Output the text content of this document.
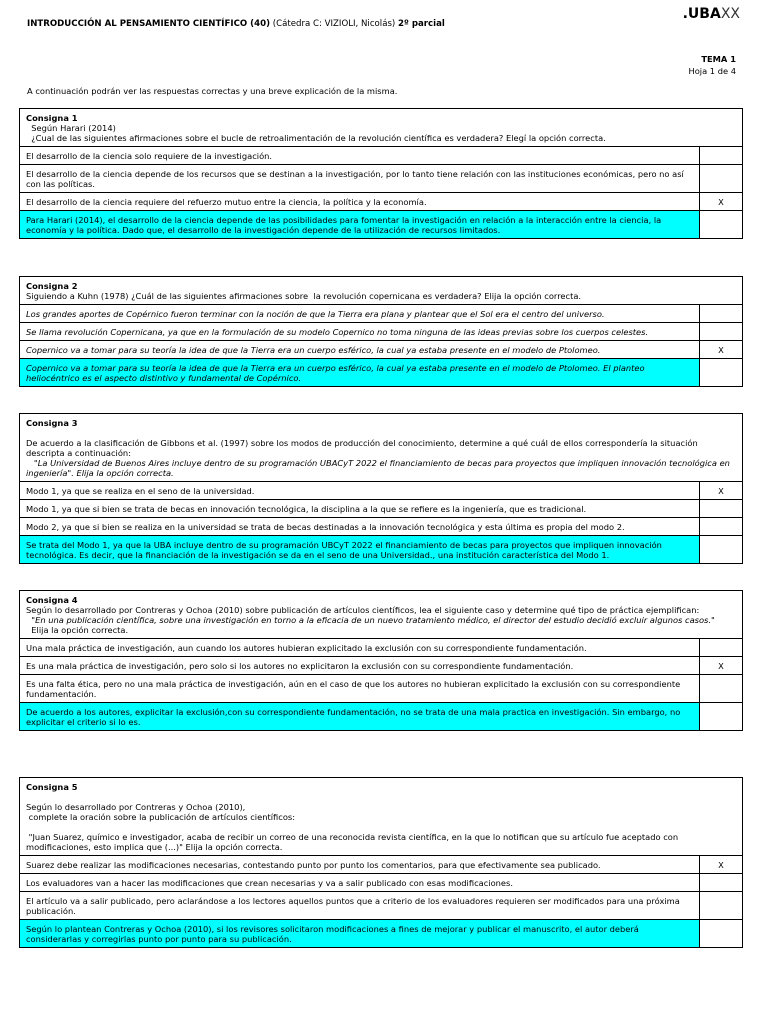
INTRODUCCIÓN AL PENSAMIENTO CIENTÍFICO (40) (Cátedra C: VIZIOLI, Nicolás) 2º parcial
.UBAXX
TEMA 1
Hoja 1 de 4
A continuación podrán ver las respuestas correctas y una breve explicación de la misma.
Consigna 1
Según Harari (2014)
¿Cual de las siguientes afirmaciones sobre el bucle de retroalimentación de la revolución científica es verdadera? Elegí la opción correcta.
El desarrollo de la ciencia solo requiere de la investigación.
El desarrollo de la ciencia depende de los recursos que se destinan a la investigación, por lo tanto tiene relación con las instituciones económicas, pero no así con las políticas.
El desarrollo de la ciencia requiere del refuerzo mutuo entre la ciencia, la política y la economía.	X
Para Harari (2014), el desarrollo de la ciencia depende de las posibilidades para fomentar la investigación en relación a la interacción entre la ciencia, la economía y la política. Dado que, el desarrollo de la investigación depende de la utilización de recursos limitados.
Consigna 2
Siguiendo a Kuhn (1978) ¿Cuál de las siguientes afirmaciones sobre  la revolución copernicana es verdadera? Elija la opción correcta.
Los grandes aportes de Copérnico fueron terminar con la noción de que la Tierra era plana y plantear que el Sol era el centro del universo.
Se llama revolución Copernicana, ya que en la formulación de su modelo Copernico no toma ninguna de las ideas previas sobre los cuerpos celestes.
Copernico va a tomar para su teoría la idea de que la Tierra era un cuerpo esférico, la cual ya estaba presente en el modelo de Ptolomeo.	X
Copernico va a tomar para su teoría la idea de que la Tierra era un cuerpo esférico, la cual ya estaba presente en el modelo de Ptolomeo. El planteo heliocéntrico es el aspecto distintivo y fundamental de Copérnico.
Consigna 3
De acuerdo a la clasificación de Gibbons et al. (1997) sobre los modos de producción del conocimiento, determine a qué cuál de ellos correspondería la situación descripta a continuación:
"La Universidad de Buenos Aires incluye dentro de su programación UBACyT 2022 el financiamiento de becas para proyectos que impliquen innovación tecnológica en ingeniería". Elija la opción correcta.
Modo 1, ya que se realiza en el seno de la universidad.	X
Modo 1, ya que si bien se trata de becas en innovación tecnológica, la disciplina a la que se refiere es la ingeniería, que es tradicional.
Modo 2, ya que si bien se realiza en la universidad se trata de becas destinadas a la innovación tecnológica y esta última es propia del modo 2.
Se trata del Modo 1, ya que la UBA incluye dentro de su programación UBCyT 2022 el financiamiento de becas para proyectos que impliquen innovación tecnológica. Es decir, que la financiación de la investigación se da en el seno de una Universidad., una institución característica del Modo 1.
Consigna 4
Según lo desarrollado por Contreras y Ochoa (2010) sobre publicación de artículos científicos, lea el siguiente caso y determine qué tipo de práctica ejemplifican:
"En una publicación científica, sobre una investigación en torno a la eficacia de un nuevo tratamiento médico, el director del estudio decidió excluir algunos casos."
Elija la opción correcta.
Una mala práctica de investigación, aun cuando los autores hubieran explicitado la exclusión con su correspondiente fundamentación.
Es una mala práctica de investigación, pero solo si los autores no explicitaron la exclusión con su correspondiente fundamentación.	X
Es una falta ética, pero no una mala práctica de investigación, aún en el caso de que los autores no hubieran explicitado la exclusión con su correspondiente fundamentación.
De acuerdo a los autores, explicitar la exclusión,con su correspondiente fundamentación, no se trata de una mala practica en investigación. Sin embargo, no explicitar el criterio si lo es.
Consigna 5
Según lo desarrollado por Contreras y Ochoa (2010),
complete la oración sobre la publicación de artículos científicos:
"Juan Suarez, químico e investigador, acaba de recibir un correo de una reconocida revista científica, en la que lo notifican que su artículo fue aceptado con modificaciones, esto implica que (...)" Elija la opción correcta.
Suarez debe realizar las modificaciones necesarias, contestando punto por punto los comentarios, para que efectivamente sea publicado.	X
Los evaluadores van a hacer las modificaciones que crean necesarias y va a salir publicado con esas modificaciones.
El artículo va a salir publicado, pero aclarándose a los lectores aquellos puntos que a criterio de los evaluadores requieren ser modificados para una próxima publicación.
Según lo plantean Contreras y Ochoa (2010), si los revisores solicitaron modificaciones a fines de mejorar y publicar el manuscrito, el autor deberá considerarlas y corregirlas punto por punto para su publicación.
